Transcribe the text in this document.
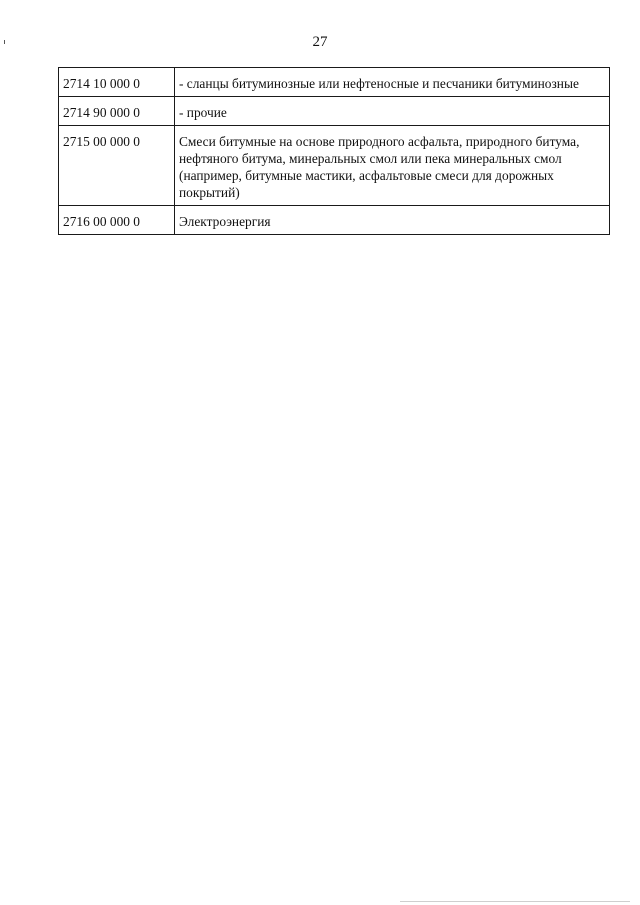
27
2714 10 000 0	- сланцы битуминозные или нефтеносные и песчаники битуминозные
2714 90 000 0	- прочие
2715 00 000 0	Смеси битумные на основе природного асфальта, природного битума, нефтяного битума, минеральных смол или пека минеральных смол (например, битумные мастики, асфальтовые смеси для дорожных покрытий)
2716 00 000 0	Электроэнергия
